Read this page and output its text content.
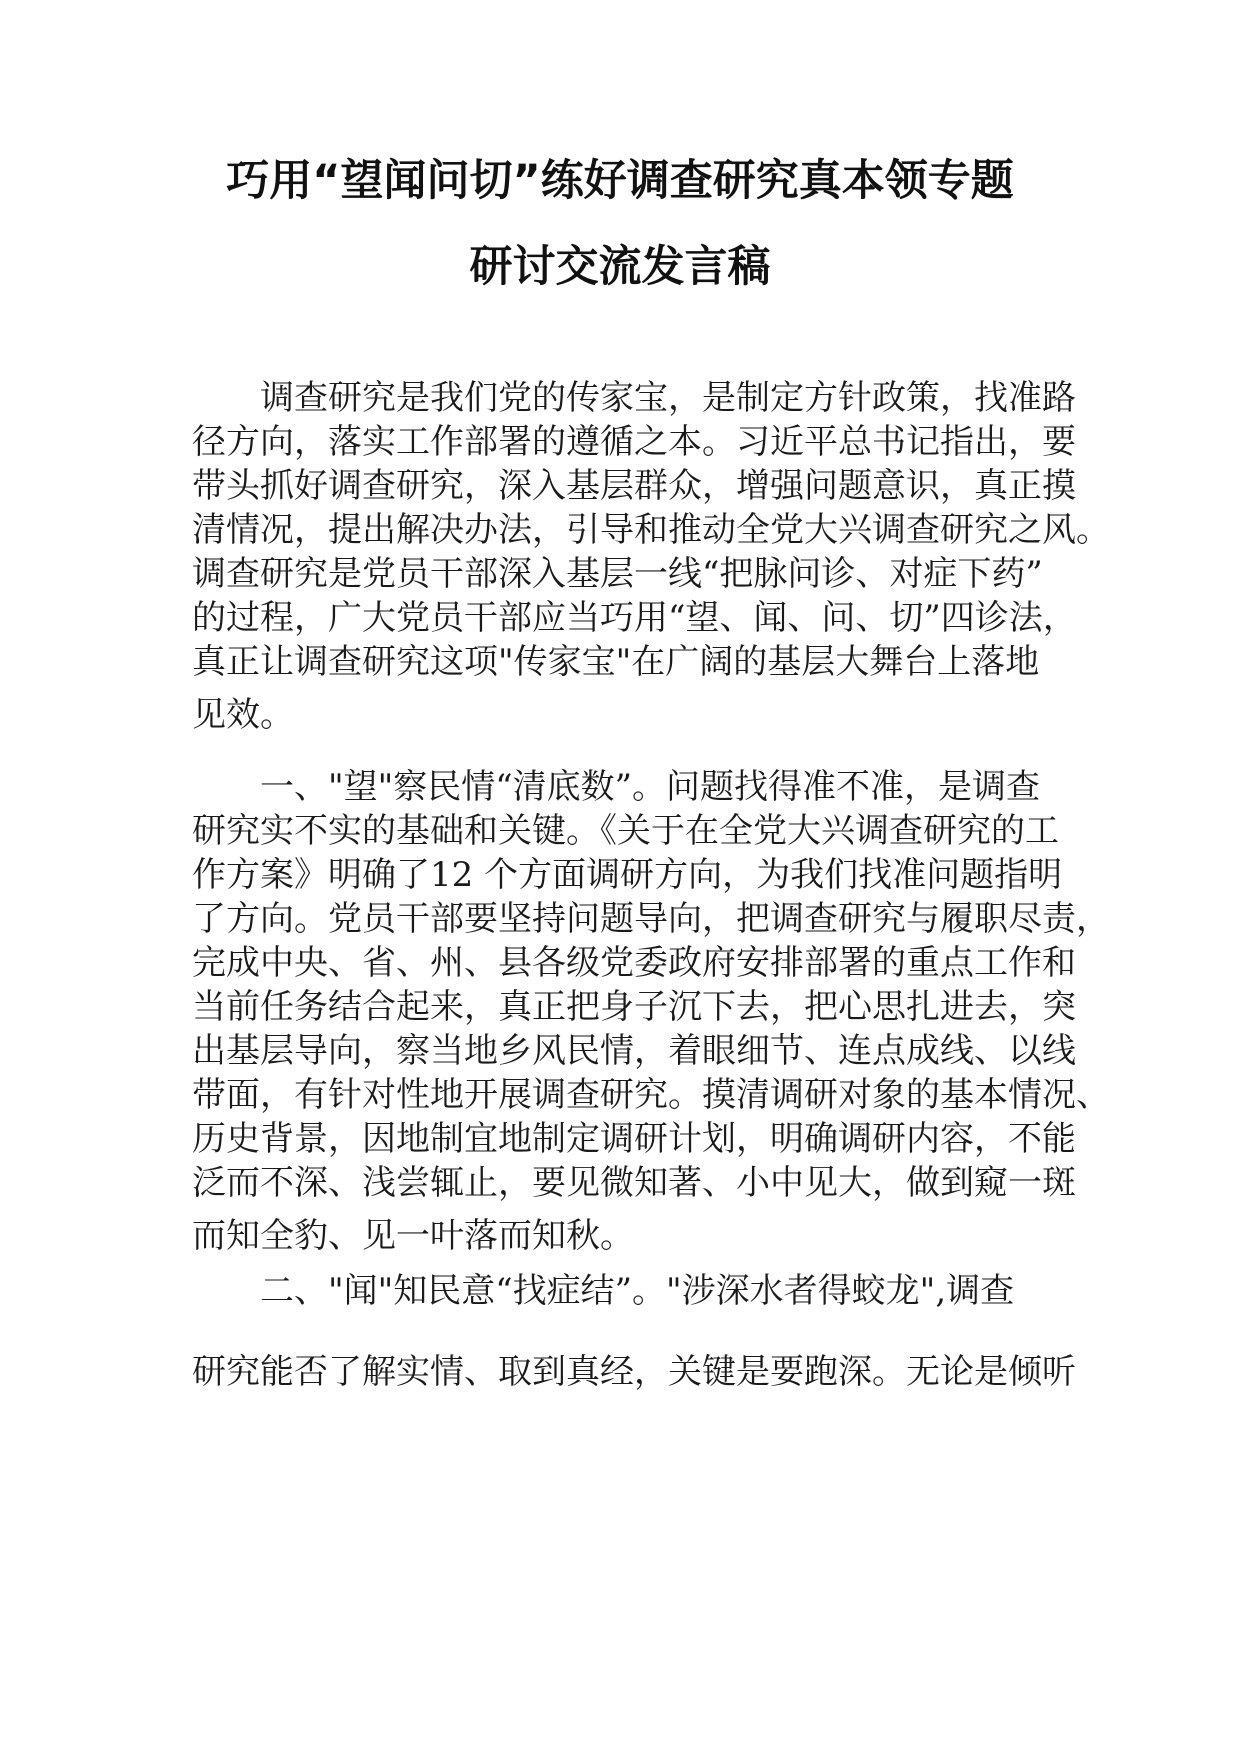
巧用“望闻问切”练好调查研究真本领专题
研讨交流发言稿

调查研究是我们党的传家宝，是制定方针政策，找准路

径方向，落实工作部署的遵循之本。习近平总书记指出，要

带头抓好调查研究，深入基层群众，增强问题意识，真正摸

清情况，提出解决办法，引导和推动全党大兴调查研究之风。

调查研究是党员干部深入基层一线“把脉问诊、对症下药”

的过程，广大党员干部应当巧用“望、闻、问、切”四诊法，

真正让调查研究这项"传家宝"在广阔的基层大舞台上落地

见效。

一、"望"察民情“清底数”。问题找得准不准，是调查

研究实不实的基础和关键。《关于在全党大兴调查研究的工

作方案》明确了12 个方面调研方向，为我们找准问题指明

了方向。党员干部要坚持问题导向，把调查研究与履职尽责，

完成中央、省、州、县各级党委政府安排部署的重点工作和

当前任务结合起来，真正把身子沉下去，把心思扎进去，突

出基层导向，察当地乡风民情，着眼细节、连点成线、以线

带面，有针对性地开展调查研究。摸清调研对象的基本情况、

历史背景，因地制宜地制定调研计划，明确调研内容，不能

泛而不深、浅尝辄止，要见微知著、小中见大，做到窥一斑

而知全豹、见一叶落而知秋。

二、"闻"知民意“找症结”。"涉深水者得蛟龙",调查

研究能否了解实情、取到真经，关键是要跑深。无论是倾听
